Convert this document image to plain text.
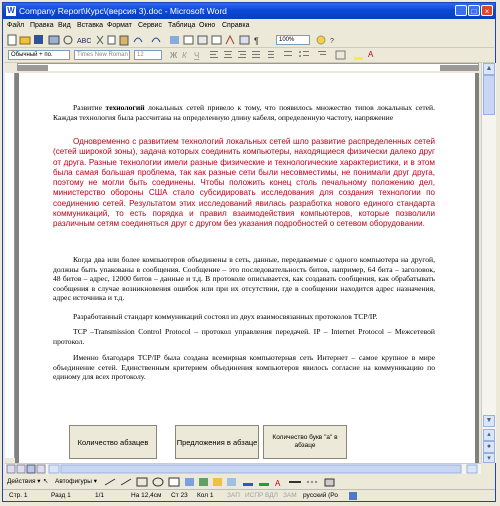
W Company Report\Курс\(версия 3).doc - Microsoft Word	_	□	×
Файл Правка Вид Вставка Формат Сервис Таблица Окно Справка
ABC	¶	100%	?
Обычный + по.	Times New Roman	12	Ж К Ч	A

Развитие технологий локальных сетей привело к тому, что появилось множество типов локальных сетей. Каждая технология была рассчитана на определенную длину кабеля, определенную частоту, напряжение

Одновременно с развитием технологий локальных сетей шло развитие распределенных сетей (сетей широкой зоны), задача которых соединить компьютеры, находящиеся физически далеко друг от друга. Разные технологии имели разные физические и технологические характеристики, и в этом была самая большая проблема, так как разные сети были несовместимы, не понимали друг друга, поэтому не могли быть соединены. Чтобы положить конец столь печальному положению дел, министерство обороны США стало субсидировать исследования для создания технологии по соединению сетей. Результатом этих исследований явилась разработка нового единого стандарта коммуникаций, то есть порядка и правил взаимодействия компьютеров, которые позволили различным сетям соединяться друг с другом без указания подробностей о сетевом оборудовании.

Когда два или более компьютеров объединены в сеть, данные, передаваемые с одного компьютера на другой, должны быть упакованы в сообщения. Сообщение – это последовательность битов, например, 64 бита – заголовок, 48 битов – адрес, 12000 битов – данные и т.д. В протоколе описывается, как создавать сообщения, как обрабатывать сообщения в случае возникновения ошибок или при их отсутствии, где в сообщении находится адрес назначения, адрес источника и т.д.

Разработанный стандарт коммуникаций состоял из двух взаимосвязанных протоколов TCP/IP.

TCP –Transmission Control Protocol – протокол управления передачей. IP – Internet Protocol – Межсетевой протокол.

Именно благодаря TCP/IP была создана всемирная компьютерная сеть Интернет – самое крупное в мире объединение сетей. Единственным критерием объединения компьютеров явилось согласие на коммуникацию по единому для всех протоколу.

Количество абзацев	Предложения в абзаце	Количество букв "а" в абзаце
▲
▼
▴
●
▾
Действия ▾ ↖ Автофигуры ▾	A
Стр. 1	Разд 1	1/1	На 12,4см Ст 23 Кол 1 ЗАП ИСПР ВДЛ ЗАМ русский (Ро
